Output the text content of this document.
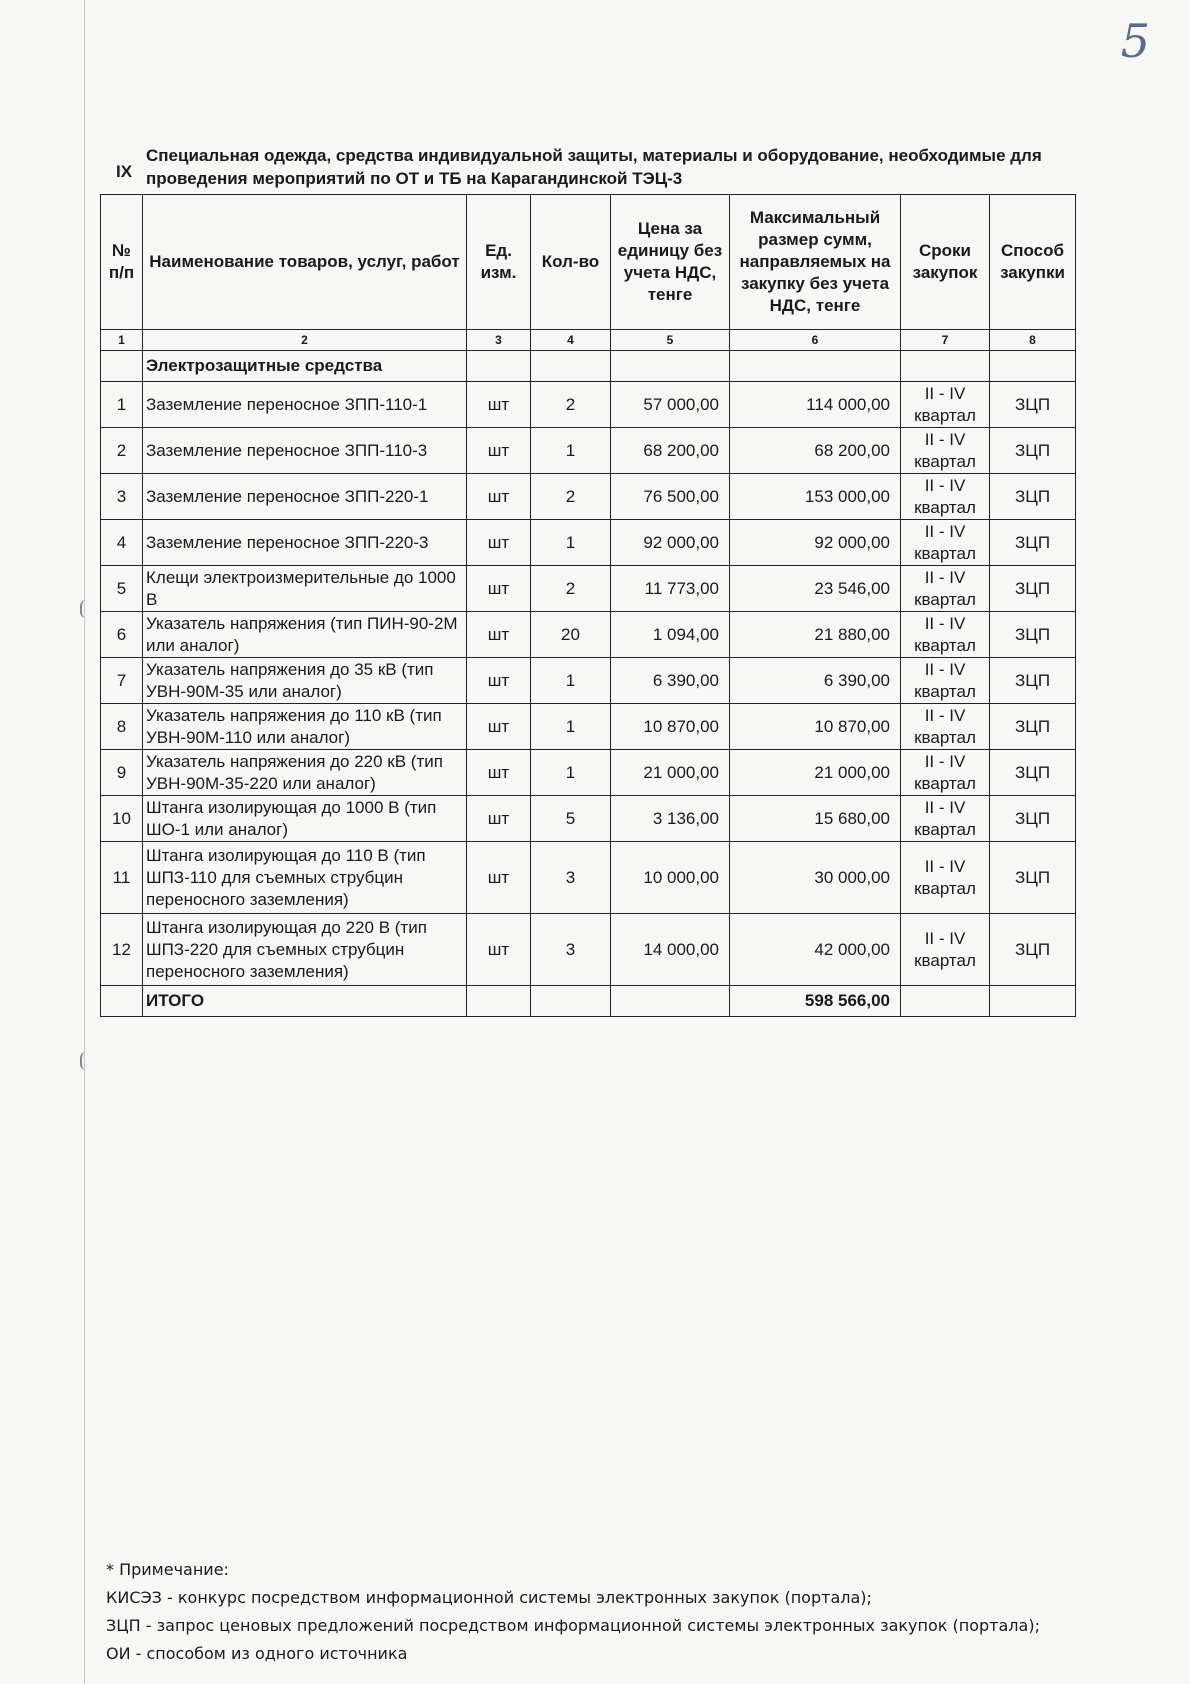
5
IX
Специальная одежда, средства индивидуальной защиты, материалы и оборудование, необходимые для проведения мероприятий по ОТ и ТБ на Карагандинской ТЭЦ-3
№ п/п	Наименование товаров, услуг, работ	Ед. изм.	Кол-во	Цена за единицу без учета НДС, тенге	Максимальный размер сумм, направляемых на закупку без учета НДС, тенге	Сроки закупок	Способ закупки
1	2	3	4	5	6	7	8
	Электрозащитные средства						
1	Заземление переносное ЗПП-110-1	шт	2	57 000,00	114 000,00	II - IV квартал	ЗЦП
2	Заземление переносное ЗПП-110-3	шт	1	68 200,00	68 200,00	II - IV квартал	ЗЦП
3	Заземление переносное ЗПП-220-1	шт	2	76 500,00	153 000,00	II - IV квартал	ЗЦП
4	Заземление переносное ЗПП-220-3	шт	1	92 000,00	92 000,00	II - IV квартал	ЗЦП
5	Клещи электроизмерительные до 1000 В	шт	2	11 773,00	23 546,00	II - IV квартал	ЗЦП
6	Указатель напряжения (тип ПИН-90-2М или аналог)	шт	20	1 094,00	21 880,00	II - IV квартал	ЗЦП
7	Указатель напряжения до 35 кВ (тип УВН-90М-35 или аналог)	шт	1	6 390,00	6 390,00	II - IV квартал	ЗЦП
8	Указатель напряжения до 110 кВ (тип УВН-90М-110 или аналог)	шт	1	10 870,00	10 870,00	II - IV квартал	ЗЦП
9	Указатель напряжения до 220 кВ (тип УВН-90М-35-220 или аналог)	шт	1	21 000,00	21 000,00	II - IV квартал	ЗЦП
10	Штанга изолирующая до 1000 В (тип ШО-1 или аналог)	шт	5	3 136,00	15 680,00	II - IV квартал	ЗЦП
11	Штанга изолирующая до 110 В (тип ШПЗ-110 для съемных струбцин переносного заземления)	шт	3	10 000,00	30 000,00	II - IV квартал	ЗЦП
12	Штанга изолирующая до 220 В (тип ШПЗ-220 для съемных струбцин переносного заземления)	шт	3	14 000,00	42 000,00	II - IV квартал	ЗЦП
	ИТОГО				598 566,00		
* Примечание:
КИСЭЗ - конкурс посредством информационной системы электронных закупок (портала);
ЗЦП - запрос ценовых предложений посредством информационной системы электронных закупок (портала);
ОИ - способом из одного источника
